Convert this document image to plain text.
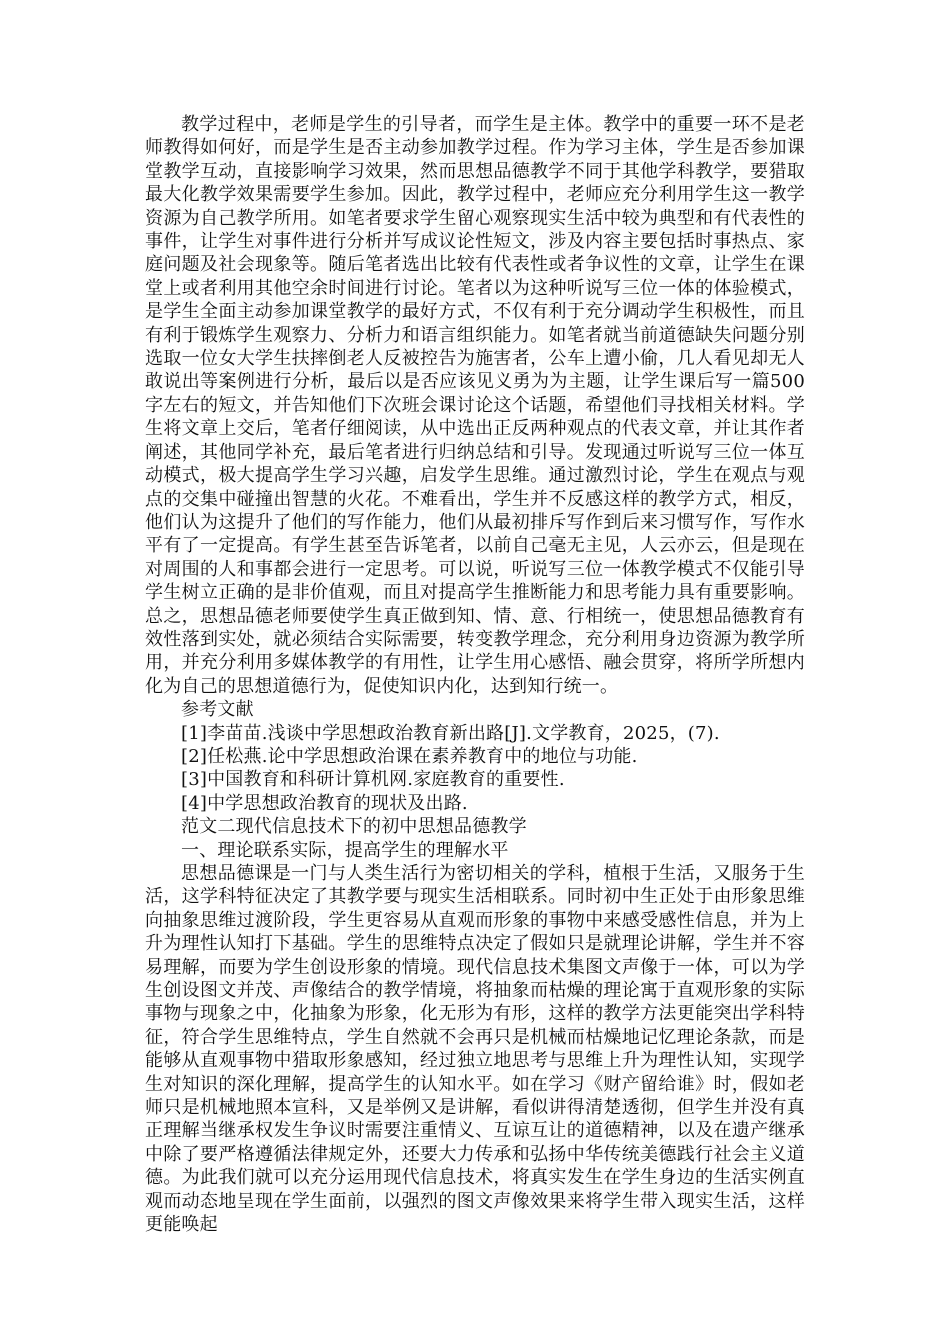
教学过程中，老师是学生的引导者，而学生是主体。教学中的重要一环不是老师教得如何好，而是学生是否主动参加教学过程。作为学习主体，学生是否参加课堂教学互动，直接影响学习效果，然而思想品德教学不同于其他学科教学，要猎取最大化教学效果需要学生参加。因此，教学过程中，老师应充分利用学生这一教学资源为自己教学所用。如笔者要求学生留心观察现实生活中较为典型和有代表性的事件，让学生对事件进行分析并写成议论性短文，涉及内容主要包括时事热点、家庭问题及社会现象等。随后笔者选出比较有代表性或者争议性的文章，让学生在课堂上或者利用其他空余时间进行讨论。笔者以为这种听说写三位一体的体验模式，是学生全面主动参加课堂教学的最好方式，不仅有利于充分调动学生积极性，而且有利于锻炼学生观察力、分析力和语言组织能力。如笔者就当前道德缺失问题分别选取一位女大学生扶摔倒老人反被控告为施害者，公车上遭小偷，几人看见却无人敢说出等案例进行分析，最后以是否应该见义勇为为主题，让学生课后写一篇500字左右的短文，并告知他们下次班会课讨论这个话题，希望他们寻找相关材料。学生将文章上交后，笔者仔细阅读，从中选出正反两种观点的代表文章，并让其作者阐述，其他同学补充，最后笔者进行归纳总结和引导。发现通过听说写三位一体互动模式，极大提高学生学习兴趣，启发学生思维。通过激烈讨论，学生在观点与观点的交集中碰撞出智慧的火花。不难看出，学生并不反感这样的教学方式，相反，他们认为这提升了他们的写作能力，他们从最初排斥写作到后来习惯写作，写作水平有了一定提高。有学生甚至告诉笔者，以前自己毫无主见，人云亦云，但是现在对周围的人和事都会进行一定思考。可以说，听说写三位一体教学模式不仅能引导学生树立正确的是非价值观，而且对提高学生推断能力和思考能力具有重要影响。总之，思想品德老师要使学生真正做到知、情、意、行相统一，使思想品德教育有效性落到实处，就必须结合实际需要，转变教学理念，充分利用身边资源为教学所用，并充分利用多媒体教学的有用性，让学生用心感悟、融会贯穿，将所学所想内化为自己的思想道德行为，促使知识内化，达到知行统一。

参考文献

[1]李苗苗.浅谈中学思想政治教育新出路[J].文学教育，2025，(7).

[2]任松燕.论中学思想政治课在素养教育中的地位与功能.

[3]中国教育和科研计算机网.家庭教育的重要性.

[4]中学思想政治教育的现状及出路.

范文二现代信息技术下的初中思想品德教学

一、理论联系实际，提高学生的理解水平

思想品德课是一门与人类生活行为密切相关的学科，植根于生活，又服务于生活，这学科特征决定了其教学要与现实生活相联系。同时初中生正处于由形象思维向抽象思维过渡阶段，学生更容易从直观而形象的事物中来感受感性信息，并为上升为理性认知打下基础。学生的思维特点决定了假如只是就理论讲解，学生并不容易理解，而要为学生创设形象的情境。现代信息技术集图文声像于一体，可以为学生创设图文并茂、声像结合的教学情境，将抽象而枯燥的理论寓于直观形象的实际事物与现象之中，化抽象为形象，化无形为有形，这样的教学方法更能突出学科特征，符合学生思维特点，学生自然就不会再只是机械而枯燥地记忆理论条款，而是能够从直观事物中猎取形象感知，经过独立地思考与思维上升为理性认知，实现学生对知识的深化理解，提高学生的认知水平。如在学习《财产留给谁》时，假如老师只是机械地照本宣科，又是举例又是讲解，看似讲得清楚透彻，但学生并没有真正理解当继承权发生争议时需要注重情义、互谅互让的道德精神，以及在遗产继承中除了要严格遵循法律规定外，还要大力传承和弘扬中华传统美德践行社会主义道德。为此我们就可以充分运用现代信息技术，将真实发生在学生身边的生活实例直观而动态地呈现在学生面前，以强烈的图文声像效果来将学生带入现实生活，这样更能唤起
